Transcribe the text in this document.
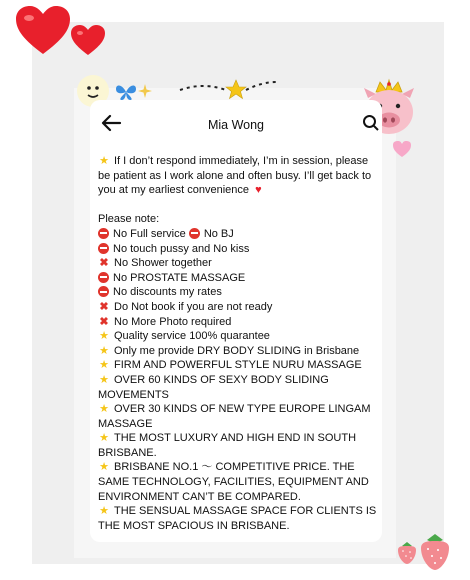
Mia Wong
★ If I don’t respond immediately, I’m in session, please be patient as I work alone and often busy. I’ll get back to you at my earliest convenience ♥
Please note:
No Full service No BJ
No touch pussy and No kiss
✖ No Shower together
No PROSTATE MASSAGE
No discounts my rates
✖ Do Not book if you are not ready
✖ No More Photo required
★ Quality service 100% quarantee
★ Only me provide DRY BODY SLIDING in Brisbane
★ FIRM AND POWERFUL STYLE NURU MASSAGE
★ OVER 60 KINDS OF SEXY BODY SLIDING MOVEMENTS
★ OVER 30 KINDS OF NEW TYPE EUROPE LINGAM MASSAGE
★ THE MOST LUXURY AND HIGH END IN SOUTH BRISBANE.
★ BRISBANE NO.1 ～ COMPETITIVE PRICE. THE SAME TECHNOLOGY, FACILITIES, EQUIPMENT AND ENVIRONMENT CAN’T BE COMPARED.
★ THE SENSUAL MASSAGE SPACE FOR CLIENTS IS THE MOST SPACIOUS IN BRISBANE.
